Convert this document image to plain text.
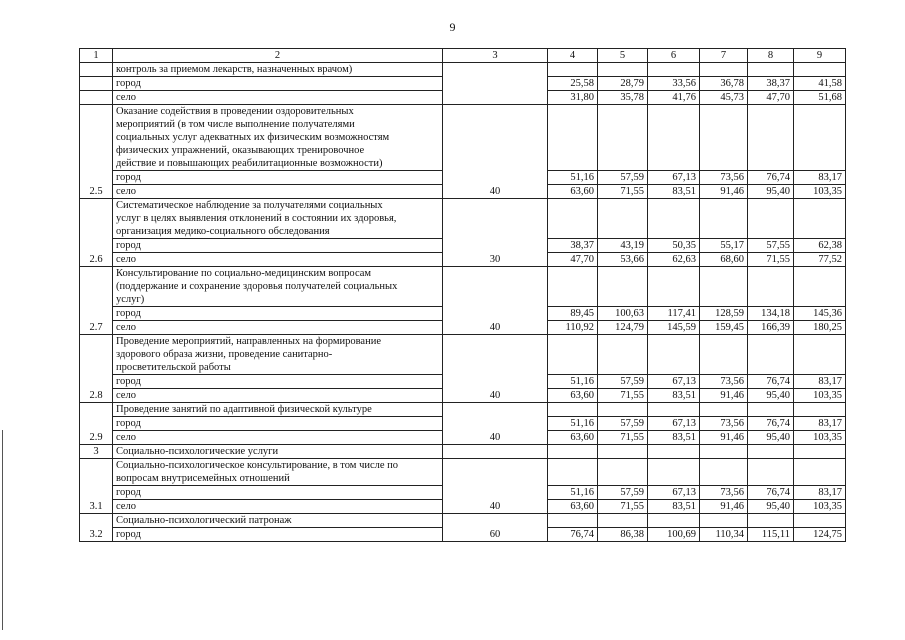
9
1	2	3	4	5	6	7	8	9
	контроль за приемом лекарств, назначенных врачом)							
	город		25,58	28,79	33,56	36,78	38,37	41,58
	село		31,80	35,78	41,76	45,73	47,70	51,68
2.5	Оказание содействия в проведении оздоровительных
мероприятий (в том числе выполнение получателями
социальных услуг адекватных их физическим возможностям
физических упражнений, оказывающих тренировочное
действие и повышающих реабилитационные возможности)	40						
	город		51,16	57,59	67,13	73,56	76,74	83,17
	село		63,60	71,55	83,51	91,46	95,40	103,35
2.6	Систематическое наблюдение за получателями социальных
услуг в целях выявления отклонений в состоянии их здоровья,
организация медико-социального обследования	30						
	город		38,37	43,19	50,35	55,17	57,55	62,38
	село		47,70	53,66	62,63	68,60	71,55	77,52
2.7	Консультирование по социально-медицинским вопросам
(поддержание и сохранение здоровья получателей социальных
услуг)	40						
	город		89,45	100,63	117,41	128,59	134,18	145,36
	село		110,92	124,79	145,59	159,45	166,39	180,25
2.8	Проведение мероприятий, направленных на формирование
здорового образа жизни, проведение санитарно-
просветительской работы	40						
	город		51,16	57,59	67,13	73,56	76,74	83,17
	село		63,60	71,55	83,51	91,46	95,40	103,35
2.9	Проведение занятий по адаптивной физической культуре	40						
	город		51,16	57,59	67,13	73,56	76,74	83,17
	село		63,60	71,55	83,51	91,46	95,40	103,35
3	Социально-психологические услуги							
3.1	Социально-психологическое консультирование, в том числе по
вопросам внутрисемейных отношений	40						
	город		51,16	57,59	67,13	73,56	76,74	83,17
	село		63,60	71,55	83,51	91,46	95,40	103,35
3.2	Социально-психологический патронаж	60						
	город		76,74	86,38	100,69	110,34	115,11	124,75
